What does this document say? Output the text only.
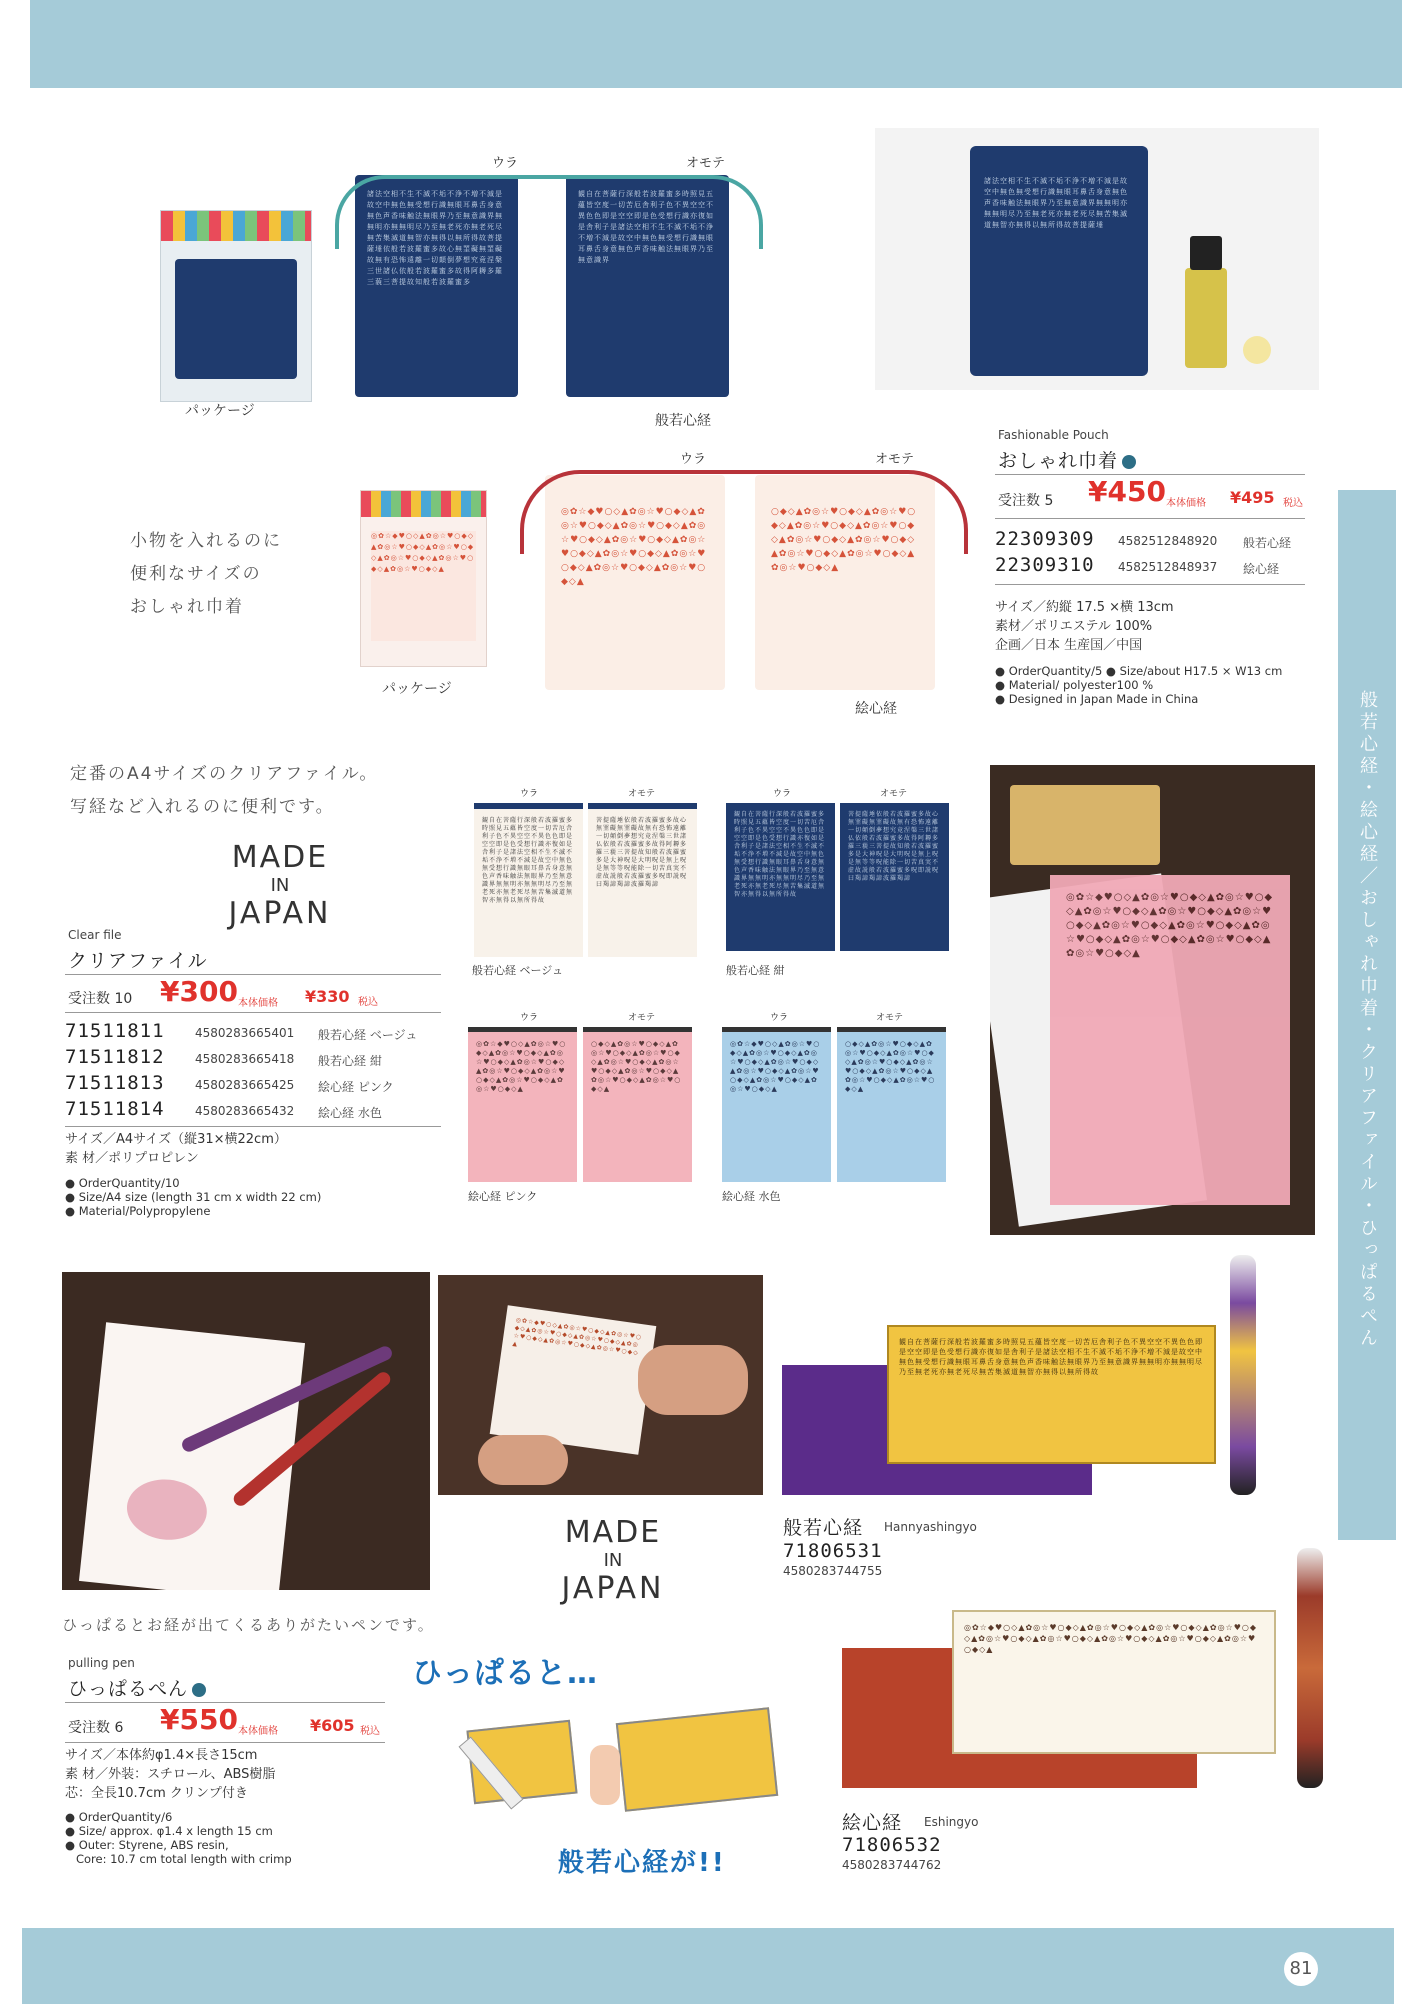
般若心経・絵心経／おしゃれ巾着・クリアファイル・ひっぱるぺん
81
パッケージ
ウラ	オモテ
諸法空相不生不滅不垢不浄不増不減是故空中無色無受想行識無眼耳鼻舌身意無色声香味触法無眼界乃至無意識界無無明亦無無明尽乃至無老死亦無老死尽無苦集滅道無智亦無得以無所得故菩提薩埵依般若波羅蜜多故心無罣礙無罣礙故無有恐怖遠離一切顛倒夢想究竟涅槃三世諸仏依般若波羅蜜多故得阿耨多羅三藐三菩提故知般若波羅蜜多
観自在菩薩行深般若波羅蜜多時照見五蘊皆空度一切苦厄舎利子色不異空空不異色色即是空空即是色受想行識亦復如是舎利子是諸法空相不生不滅不垢不浄不増不減是故空中無色無受想行識無眼耳鼻舌身意無色声香味触法無眼界乃至無意識界
般若心経
諸法空相不生不滅不垢不浄不増不減是故空中無色無受想行識無眼耳鼻舌身意無色声香味触法無眼界乃至無意識界無無明亦無無明尽乃至無老死亦無老死尽無苦集滅道無智亦無得以無所得故菩提薩埵
Fashionable Pouch
おしゃれ巾着
受注数 5 ¥450 本体価格 ¥495 税込
22309309 4582512848920 般若心経
22309310 4582512848937 絵心経
サイズ／約縦 17.5 ×横 13cm
素材／ポリエステル 100%
企画／日本 生産国／中国
● OrderQuantity/5 ● Size/about H17.5 × W13 cm
● Material/ polyester100 %
● Designed in Japan Made in China
小物を入れるのに
便利なサイズの
おしゃれ巾着
◎✿☆◆♥○◇▲✿◎☆♥○◆◇▲✿◎☆♥○◆◇▲✿◎☆♥○◆◇▲✿◎☆♥○◆◇▲✿◎☆♥○◆◇▲✿◎☆♥○◆◇▲
パッケージ
ウラ	オモテ
◎✿☆◆♥○◇▲✿◎☆♥○◆◇▲✿◎☆♥○◆◇▲✿◎☆♥○◆◇▲✿◎☆♥○◆◇▲✿◎☆♥○◆◇▲✿◎☆♥○◆◇▲✿◎☆♥○◆◇▲✿◎☆♥○◆◇▲✿◎☆♥○◆◇▲✿◎☆♥○◆◇▲
○◆◇▲✿◎☆♥○◆◇▲✿◎☆♥○◆◇▲✿◎☆♥○◆◇▲✿◎☆♥○◆◇▲✿◎☆♥○◆◇▲✿◎☆♥○◆◇▲✿◎☆♥○◆◇▲✿◎☆♥○◆◇▲✿◎☆♥○◆◇▲
絵心経
定番のA4サイズのクリアファイル。
写経など入れるのに便利です。
MADE
IN
JAPAN
Clear file
クリアファイル
受注数 10 ¥300 本体価格 ¥330 税込
71511811	4580283665401 般若心経 ベージュ
71511812	4580283665418 般若心経 紺
71511813	4580283665425 絵心経 ピンク
71511814	4580283665432 絵心経 水色
サイズ／A4サイズ（縦31×横22cm）
素 材／ポリプロピレン
● OrderQuantity/10
● Size/A4 size (length 31 cm x width 22 cm)
● Material/Polypropylene
ウラ	オモテ
観自在菩薩行深般若波羅蜜多時照見五蘊皆空度一切苦厄舎利子色不異空空不異色色即是空空即是色受想行識亦復如是舎利子是諸法空相不生不滅不垢不浄不増不減是故空中無色無受想行識無眼耳鼻舌身意無色声香味触法無眼界乃至無意識界無無明亦無無明尽乃至無老死亦無老死尽無苦集滅道無智亦無得以無所得故
菩提薩埵依般若波羅蜜多故心無罣礙無罣礙故無有恐怖遠離一切顛倒夢想究竟涅槃三世諸仏依般若波羅蜜多故得阿耨多羅三藐三菩提故知般若波羅蜜多是大神呪是大明呪是無上呪是無等等呪能除一切苦真実不虚故説般若波羅蜜多呪即説呪曰羯諦羯諦波羅羯諦
般若心経 ベージュ
ウラ	オモテ
観自在菩薩行深般若波羅蜜多時照見五蘊皆空度一切苦厄舎利子色不異空空不異色色即是空空即是色受想行識亦復如是舎利子是諸法空相不生不滅不垢不浄不増不減是故空中無色無受想行識無眼耳鼻舌身意無色声香味触法無眼界乃至無意識界無無明亦無無明尽乃至無老死亦無老死尽無苦集滅道無智亦無得以無所得故
菩提薩埵依般若波羅蜜多故心無罣礙無罣礙故無有恐怖遠離一切顛倒夢想究竟涅槃三世諸仏依般若波羅蜜多故得阿耨多羅三藐三菩提故知般若波羅蜜多是大神呪是大明呪是無上呪是無等等呪能除一切苦真実不虚故説般若波羅蜜多呪即説呪曰羯諦羯諦波羅羯諦
般若心経 紺
ウラ	オモテ
◎✿☆◆♥○◇▲✿◎☆♥○◆◇▲✿◎☆♥○◆◇▲✿◎☆♥○◆◇▲✿◎☆♥○◆◇▲✿◎☆♥○◆◇▲✿◎☆♥○◆◇▲✿◎☆♥○◆◇▲✿◎☆♥○◆◇▲
○◆◇▲✿◎☆♥○◆◇▲✿◎☆♥○◆◇▲✿◎☆♥○◆◇▲✿◎☆♥○◆◇▲✿◎☆♥○◆◇▲✿◎☆♥○◆◇▲✿◎☆♥○◆◇▲✿◎☆♥○◆◇▲
絵心経 ピンク
ウラ	オモテ
◎✿☆◆♥○◇▲✿◎☆♥○◆◇▲✿◎☆♥○◆◇▲✿◎☆♥○◆◇▲✿◎☆♥○◆◇▲✿◎☆♥○◆◇▲✿◎☆♥○◆◇▲✿◎☆♥○◆◇▲✿◎☆♥○◆◇▲
○◆◇▲✿◎☆♥○◆◇▲✿◎☆♥○◆◇▲✿◎☆♥○◆◇▲✿◎☆♥○◆◇▲✿◎☆♥○◆◇▲✿◎☆♥○◆◇▲✿◎☆♥○◆◇▲✿◎☆♥○◆◇▲
絵心経 水色
◎✿☆◆♥○◇▲✿◎☆♥○◆◇▲✿◎☆♥○◆◇▲✿◎☆♥○◆◇▲✿◎☆♥○◆◇▲✿◎☆♥○◆◇▲✿◎☆♥○◆◇▲✿◎☆♥○◆◇▲✿◎☆♥○◆◇▲✿◎☆♥○◆◇▲✿◎☆♥○◆◇▲✿◎☆♥○◆◇▲
◎✿☆◆♥○◇▲✿◎☆♥○◆◇▲✿◎☆♥○◆◇▲✿◎☆♥○◆◇▲✿◎☆♥○◆◇▲✿◎☆♥○◆◇▲✿◎☆♥○◆◇▲✿◎☆♥○◆◇▲	観自在菩薩行深般若波羅蜜多時照見五蘊皆空度一切苦厄舎利子色不異空空不異色色即是空空即是色受想行識亦復如是舎利子是諸法空相不生不滅不垢不浄不増不減是故空中無色無受想行識無眼耳鼻舌身意無色声香味触法無眼界乃至無意識界無無明亦無無明尽乃至無老死亦無老死尽無苦集滅道無智亦無得以無所得故
般若心経 Hannyashingyo
71806531
4580283744755
◎✿☆◆♥○◇▲✿◎☆♥○◆◇▲✿◎☆♥○◆◇▲✿◎☆♥○◆◇▲✿◎☆♥○◆◇▲✿◎☆♥○◆◇▲✿◎☆♥○◆◇▲✿◎☆♥○◆◇▲✿◎☆♥○◆◇▲✿◎☆♥○◆◇▲
絵心経 Eshingyo
71806532
4580283744762
MADE
IN
JAPAN
ひっぱるとお経が出てくるありがたいペンです。
pulling pen
ひっぱるぺん
受注数 6 ¥550 本体価格 ¥605 税込
サイズ／本体約φ1.4×長さ15cm
素 材／外装：スチロール、ABS樹脂
芯：全長10.7cm クリンプ付き
● OrderQuantity/6
● Size/ approx. φ1.4 x length 15 cm
● Outer: Styrene, ABS resin,
Core: 10.7 cm total length with crimp
ひっぱると…
般若心経が!!
